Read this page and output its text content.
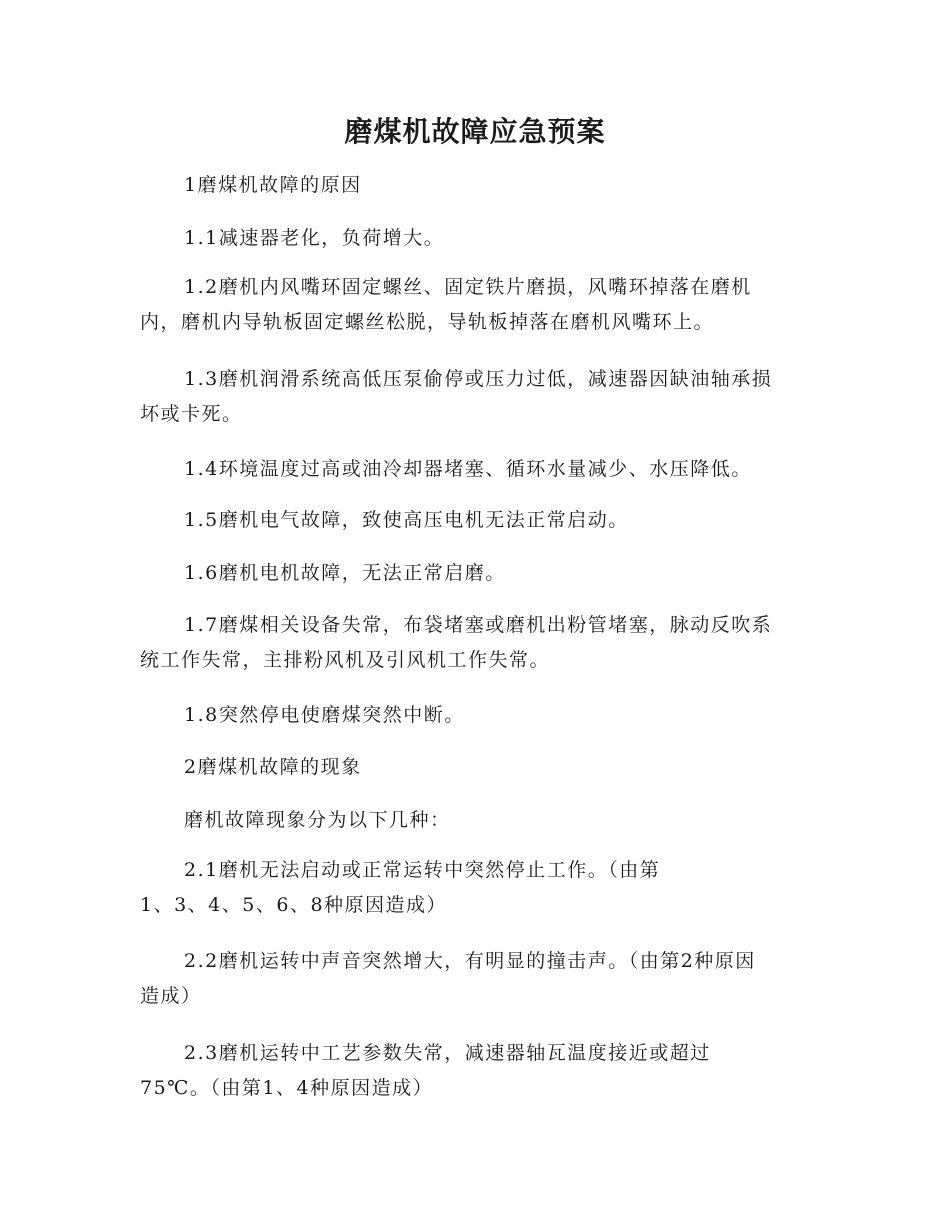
磨煤机故障应急预案

1磨煤机故障的原因

1.1减速器老化，负荷增大。

1.2磨机内风嘴环固定螺丝、固定铁片磨损，风嘴环掉落在磨机
内，磨机内导轨板固定螺丝松脱，导轨板掉落在磨机风嘴环上。

1.3磨机润滑系统高低压泵偷停或压力过低，减速器因缺油轴承损
坏或卡死。

1.4环境温度过高或油冷却器堵塞、循环水量减少、水压降低。

1.5磨机电气故障，致使高压电机无法正常启动。

1.6磨机电机故障，无法正常启磨。

1.7磨煤相关设备失常，布袋堵塞或磨机出粉管堵塞，脉动反吹系
统工作失常，主排粉风机及引风机工作失常。

1.8突然停电使磨煤突然中断。

2磨煤机故障的现象

磨机故障现象分为以下几种：

2.1磨机无法启动或正常运转中突然停止工作。（由第
1、3、4、5、6、8种原因造成）

2.2磨机运转中声音突然增大，有明显的撞击声。（由第2种原因
造成）

2.3磨机运转中工艺参数失常，减速器轴瓦温度接近或超过
75℃。（由第1、4种原因造成）
